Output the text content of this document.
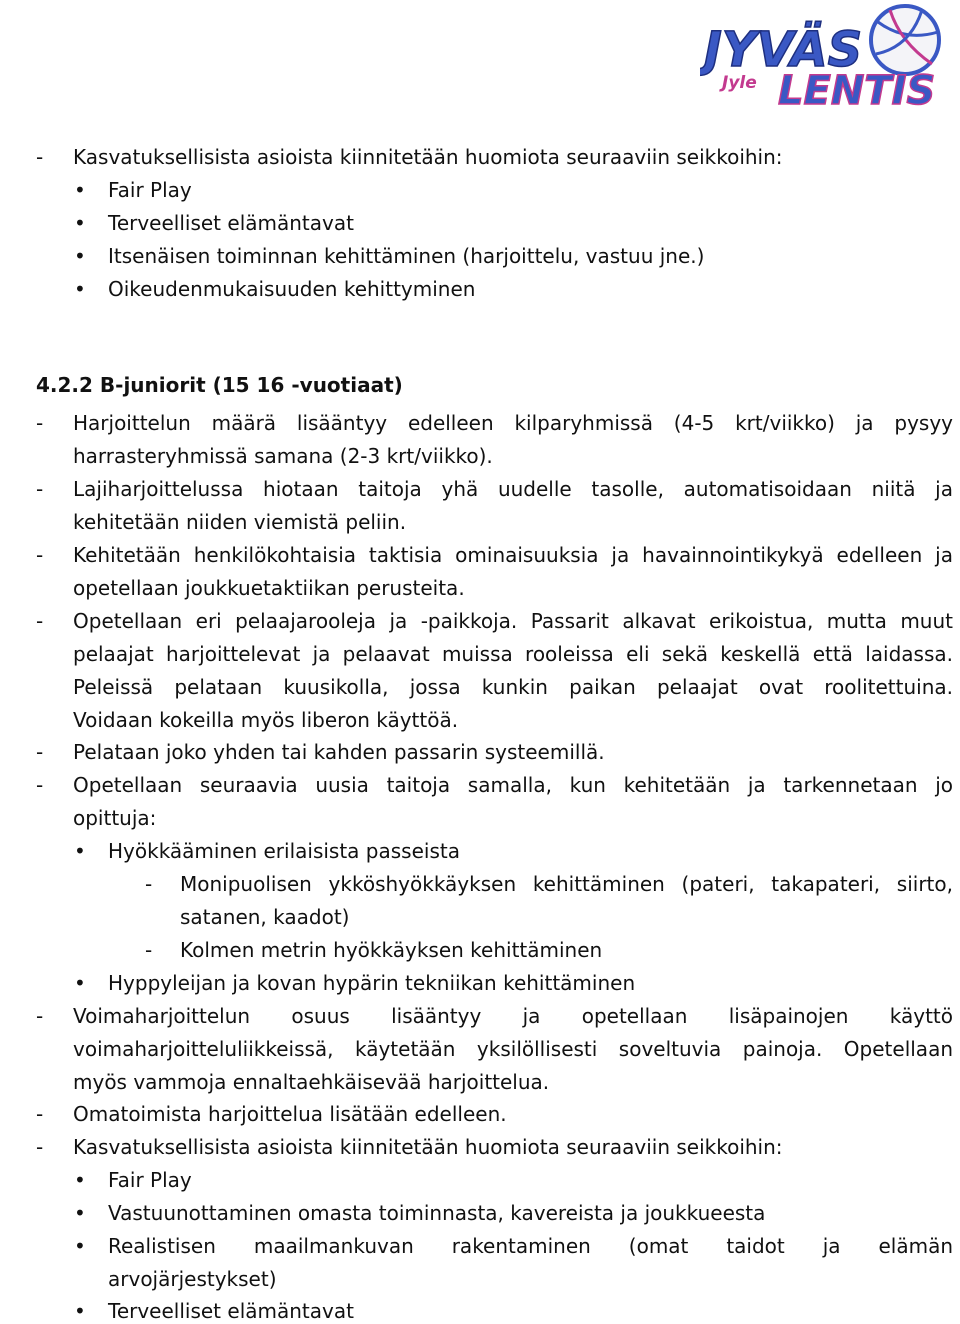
JYVÄS
Jyle LENTIS
- Kasvatuksellisista asioista kiinnitetään huomiota seuraaviin seikkoihin:
• Fair Play
• Terveelliset elämäntavat
• Itsenäisen toiminnan kehittäminen (harjoittelu, vastuu jne.)
• Oikeudenmukaisuuden kehittyminen
4.2.2 B-juniorit (15 16 -vuotiaat)
- Harjoittelun määrä lisääntyy edelleen kilparyhmissä (4-5 krt/viikko) ja pysyy
harrasteryhmissä samana (2-3 krt/viikko).
- Lajiharjoittelussa hiotaan taitoja yhä uudelle tasolle, automatisoidaan niitä ja
kehitetään niiden viemistä peliin.
- Kehitetään henkilökohtaisia taktisia ominaisuuksia ja havainnointikykyä edelleen ja
opetellaan joukkuetaktiikan perusteita.
- Opetellaan eri pelaajarooleja ja -paikkoja. Passarit alkavat erikoistua, mutta muut
pelaajat harjoittelevat ja pelaavat muissa rooleissa eli sekä keskellä että laidassa.
Peleissä pelataan kuusikolla, jossa kunkin paikan pelaajat ovat roolitettuina.
Voidaan kokeilla myös liberon käyttöä.
- Pelataan joko yhden tai kahden passarin systeemillä.
- Opetellaan seuraavia uusia taitoja samalla, kun kehitetään ja tarkennetaan jo
opittuja:
• Hyökkääminen erilaisista passeista
- Monipuolisen ykköshyökkäyksen kehittäminen (pateri, takapateri, siirto,
satanen, kaadot)
- Kolmen metrin hyökkäyksen kehittäminen
• Hyppyleijan ja kovan hypärin tekniikan kehittäminen
- Voimaharjoittelun osuus lisääntyy ja opetellaan lisäpainojen käyttö
voimaharjoitteluliikkeissä, käytetään yksilöllisesti soveltuvia painoja. Opetellaan
myös vammoja ennaltaehkäisevää harjoittelua.
- Omatoimista harjoittelua lisätään edelleen.
- Kasvatuksellisista asioista kiinnitetään huomiota seuraaviin seikkoihin:
• Fair Play
• Vastuunottaminen omasta toiminnasta, kavereista ja joukkueesta
• Realistisen maailmankuvan rakentaminen (omat taidot ja elämän
arvojärjestykset)
• Terveelliset elämäntavat
